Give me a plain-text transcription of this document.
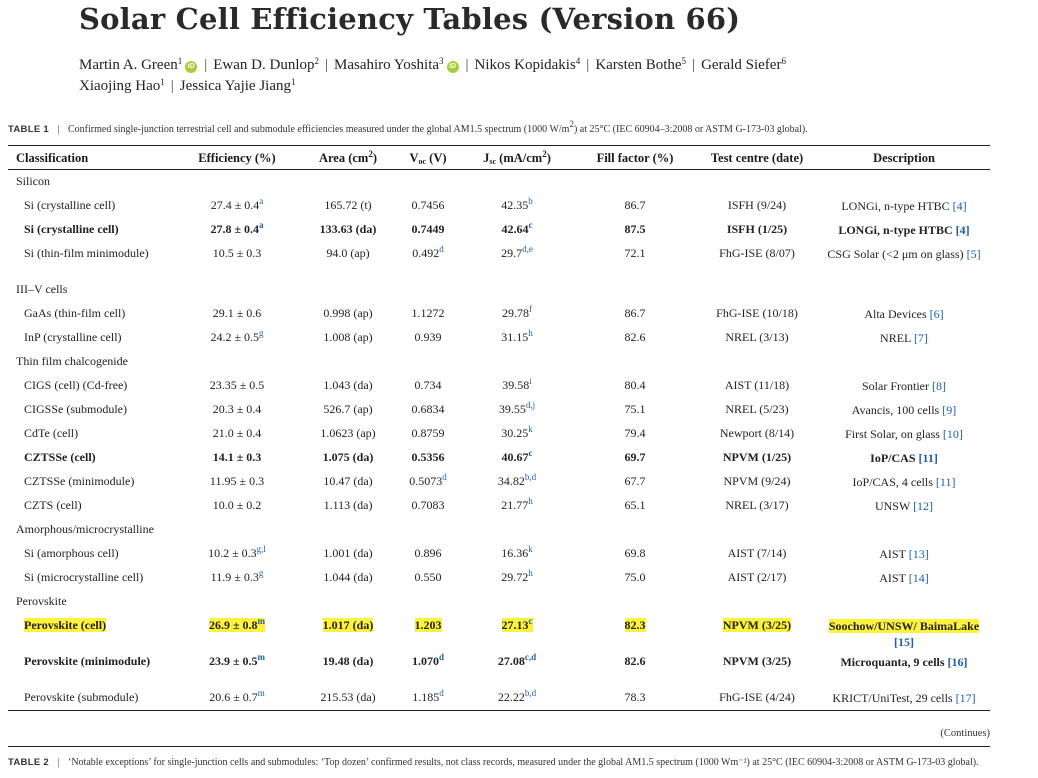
Solar Cell Efficiency Tables (Version 66)
Martin A. Green$^1$iD | Ewan D. Dunlop$^2$ | Masahiro Yoshita$^3$iD | Nikos Kopidakis$^4$ | Karsten Bothe$^5$ | Gerald Siefer$^6$
Xiaojing Hao$^1$ | Jessica Yajie Jiang$^1$
TABLE 1 | Confirmed single-junction terrestrial cell and submodule efficiencies measured under the global AM1.5 spectrum (1000 $W/m^2$) at 25°C (IEC 60904–3:2008 or ASTM G-173-03 global).
Classification	Efficiency (%)	Area $(cm^2)$	$V_{oc}$ (V)	$J_{sc}$ $(mA/cm^2)$	Fill factor (%)	Test centre (date)	Description
Silicon
Si (crystalline cell)	27.4 ± 0.4$^a$	165.72 (t)	0.7456	42.35$^b$	86.7	ISFH (9/24)	LONGi, n-type HTBC [4]
Si (crystalline cell)	27.8 ± 0.4$^a$	133.63 (da)	0.7449	42.64$^c$	87.5	ISFH (1/25)	LONGi, n-type HTBC [4]
Si (thin-film minimodule)	10.5 ± 0.3	94.0 (ap)	0.492$^d$	29.7$^{d,e}$	72.1	FhG-ISE (8/07)	CSG Solar (<2 μm on glass) [5]
III–V cells
GaAs (thin-film cell)	29.1 ± 0.6	0.998 (ap)	1.1272	29.78$^f$	86.7	FhG-ISE (10/18)	Alta Devices [6]
InP (crystalline cell)	24.2 ± 0.5$^g$	1.008 (ap)	0.939	31.15$^h$	82.6	NREL (3/13)	NREL [7]
Thin film chalcogenide
CIGS (cell) (Cd-free)	23.35 ± 0.5	1.043 (da)	0.734	39.58$^i$	80.4	AIST (11/18)	Solar Frontier [8]
CIGSSe (submodule)	20.3 ± 0.4	526.7 (ap)	0.6834	39.55$^{d,j}$	75.1	NREL (5/23)	Avancis, 100 cells [9]
CdTe (cell)	21.0 ± 0.4	1.0623 (ap)	0.8759	30.25$^k$	79.4	Newport (8/14)	First Solar, on glass [10]
CZTSSe (cell)	14.1 ± 0.3	1.075 (da)	0.5356	40.67$^c$	69.7	NPVM (1/25)	IoP/CAS [11]
CZTSSe (minimodule)	11.95 ± 0.3	10.47 (da)	0.5073$^d$	34.82$^{b,d}$	67.7	NPVM (9/24)	IoP/CAS, 4 cells [11]
CZTS (cell)	10.0 ± 0.2	1.113 (da)	0.7083	21.77$^h$	65.1	NREL (3/17)	UNSW [12]
Amorphous/microcrystalline
Si (amorphous cell)	10.2 ± 0.3$^{g,l}$	1.001 (da)	0.896	16.36$^k$	69.8	AIST (7/14)	AIST [13]
Si (microcrystalline cell)	11.9 ± 0.3$^g$	1.044 (da)	0.550	29.72$^h$	75.0	AIST (2/17)	AIST [14]
Perovskite
Perovskite (cell)	26.9 ± 0.8$^m$	1.017 (da)	1.203	27.13$^c$	82.3	NPVM (3/25)	Soochow/UNSW/ BaimaLake [15]
Perovskite (minimodule)	23.9 ± 0.5$^m$	19.48 (da)	1.070$^d$	27.08$^{c,d}$	82.6	NPVM (3/25)	Microquanta, 9 cells [16]
Perovskite (submodule)	20.6 ± 0.7$^m$	215.53 (da)	1.185$^d$	22.22$^{b,d}$	78.3	FhG-ISE (4/24)	KRICT/UniTest, 29 cells [17]
(Continues)
TABLE 2 | ‘Notable exceptions’ for single-junction cells and submodules: ‘Top dozen’ confirmed results, not class records, measured under the global AM1.5 spectrum (1000 Wm⁻²) at 25°C (IEC 60904-3:2008 or ASTM G-173-03 global).
